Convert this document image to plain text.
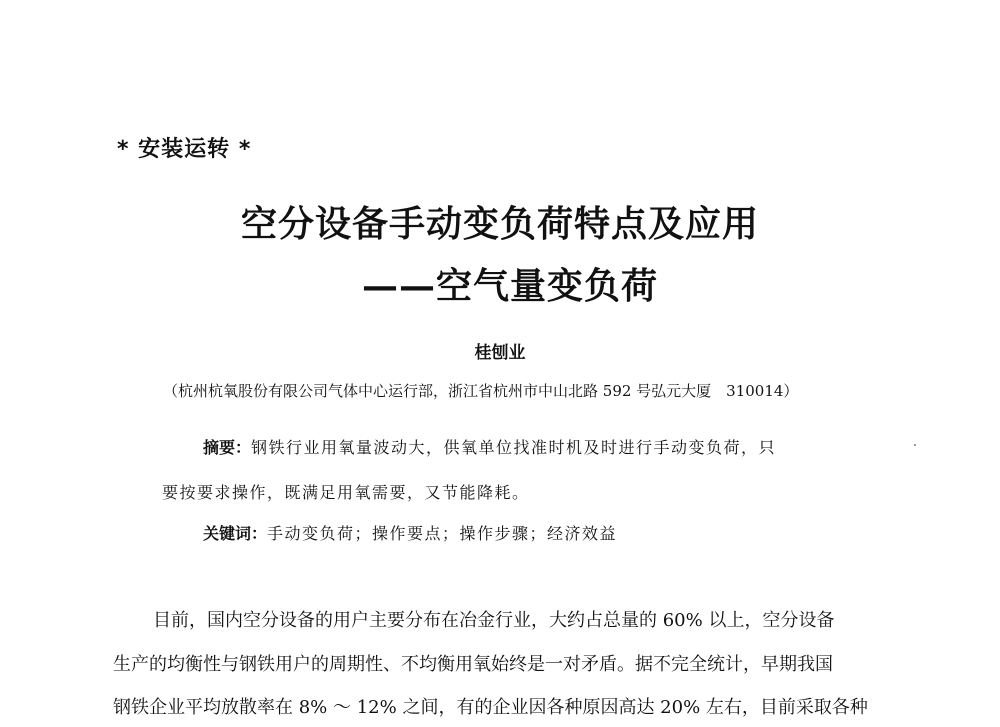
* 安装运转 *
空分设备手动变负荷特点及应用
——空气量变负荷
桂刨业
（杭州杭氧股份有限公司气体中心运行部，浙江省杭州市中山北路 592 号弘元大厦　310014）
摘要：钢铁行业用氧量波动大，供氧单位找准时机及时进行手动变负荷，只
要按要求操作，既满足用氧需要，又节能降耗。
关键词：手动变负荷；操作要点；操作步骤；经济效益
目前，国内空分设备的用户主要分布在冶金行业，大约占总量的 60% 以上，空分设备
生产的均衡性与钢铁用户的周期性、不均衡用氧始终是一对矛盾。据不完全统计，早期我国
钢铁企业平均放散率在 8% ～ 12% 之间，有的企业因各种原因高达 20% 左右，目前采取各种
